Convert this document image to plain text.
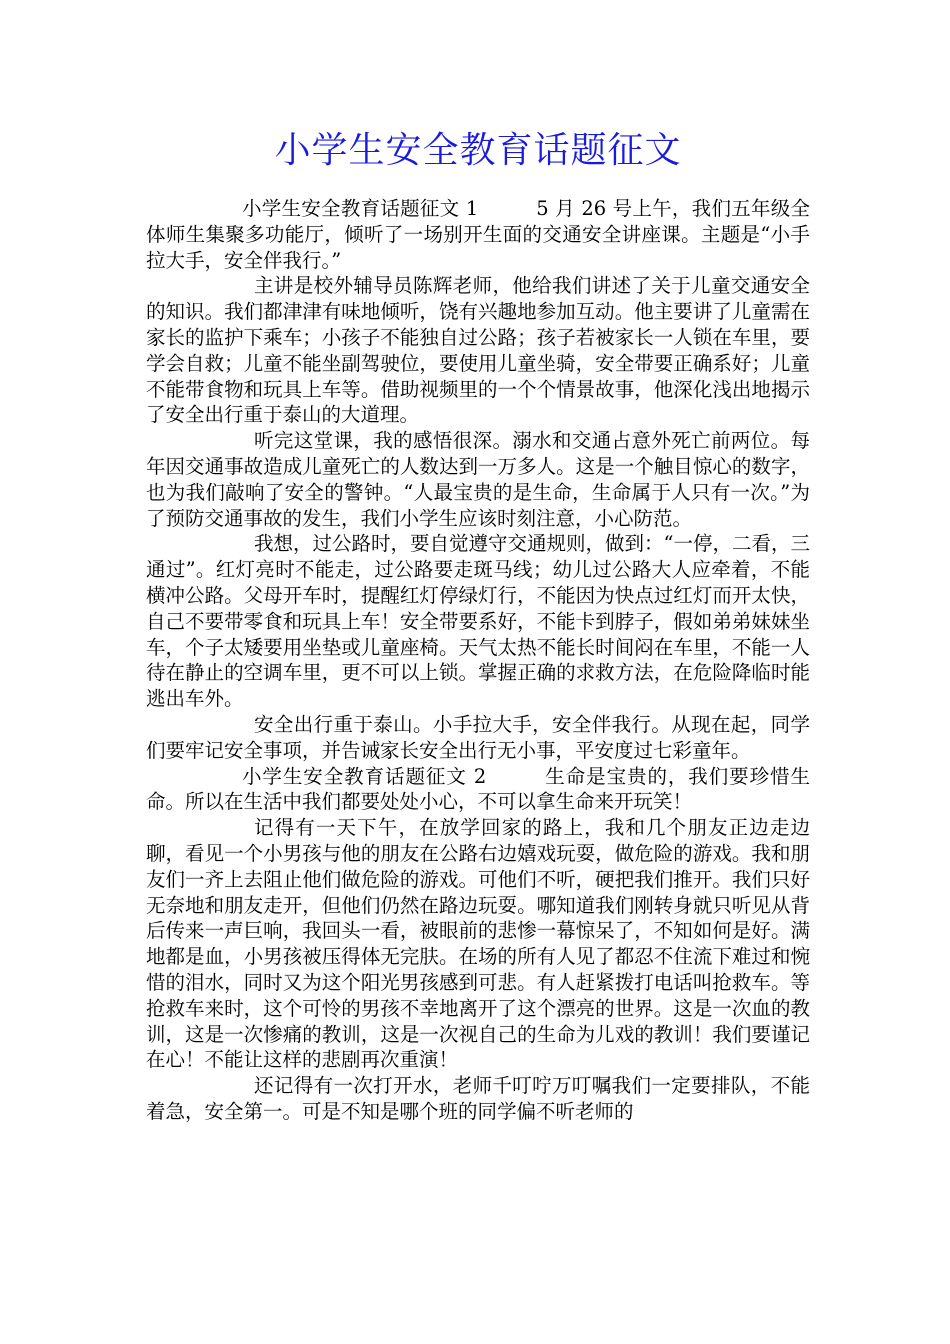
小学生安全教育话题征文

小学生安全教育话题征文 1	5 月 26 号上午，我们五年级全体师生集聚多功能厅，倾听了一场别开生面的交通安全讲座课。主题是“小手拉大手，安全伴我行。”

主讲是校外辅导员陈辉老师，他给我们讲述了关于儿童交通安全的知识。我们都津津有味地倾听，饶有兴趣地参加互动。他主要讲了儿童需在家长的监护下乘车；小孩子不能独自过公路；孩子若被家长一人锁在车里，要学会自救；儿童不能坐副驾驶位，要使用儿童坐骑，安全带要正确系好；儿童不能带食物和玩具上车等。借助视频里的一个个情景故事，他深化浅出地揭示了安全出行重于泰山的大道理。

听完这堂课，我的感悟很深。溺水和交通占意外死亡前两位。每年因交通事故造成儿童死亡的人数达到一万多人。这是一个触目惊心的数字，也为我们敲响了安全的警钟。“人最宝贵的是生命，生命属于人只有一次。”为了预防交通事故的发生，我们小学生应该时刻注意，小心防范。

我想，过公路时，要自觉遵守交通规则，做到：“一停，二看，三通过”。红灯亮时不能走，过公路要走斑马线；幼儿过公路大人应牵着，不能横冲公路。父母开车时，提醒红灯停绿灯行，不能因为快点过红灯而开太快，自己不要带零食和玩具上车！安全带要系好，不能卡到脖子，假如弟弟妹妹坐车，个子太矮要用坐垫或儿童座椅。天气太热不能长时间闷在车里，不能一人待在静止的空调车里，更不可以上锁。掌握正确的求救方法，在危险降临时能逃出车外。

安全出行重于泰山。小手拉大手，安全伴我行。从现在起，同学们要牢记安全事项，并告诫家长安全出行无小事，平安度过七彩童年。

小学生安全教育话题征文 2	生命是宝贵的，我们要珍惜生命。所以在生活中我们都要处处小心，不可以拿生命来开玩笑！

记得有一天下午，在放学回家的路上，我和几个朋友正边走边聊，看见一个小男孩与他的朋友在公路右边嬉戏玩耍，做危险的游戏。我和朋友们一齐上去阻止他们做危险的游戏。可他们不听，硬把我们推开。我们只好无奈地和朋友走开，但他们仍然在路边玩耍。哪知道我们刚转身就只听见从背后传来一声巨响，我回头一看，被眼前的悲惨一幕惊呆了，不知如何是好。满地都是血，小男孩被压得体无完肤。在场的所有人见了都忍不住流下难过和惋惜的泪水，同时又为这个阳光男孩感到可悲。有人赶紧拨打电话叫抢救车。等抢救车来时，这个可怜的男孩不幸地离开了这个漂亮的世界。这是一次血的教训，这是一次惨痛的教训，这是一次视自己的生命为儿戏的教训！我们要谨记在心！不能让这样的悲剧再次重演！

还记得有一次打开水，老师千叮咛万叮嘱我们一定要排队，不能着急，安全第一。可是不知是哪个班的同学偏不听老师的
